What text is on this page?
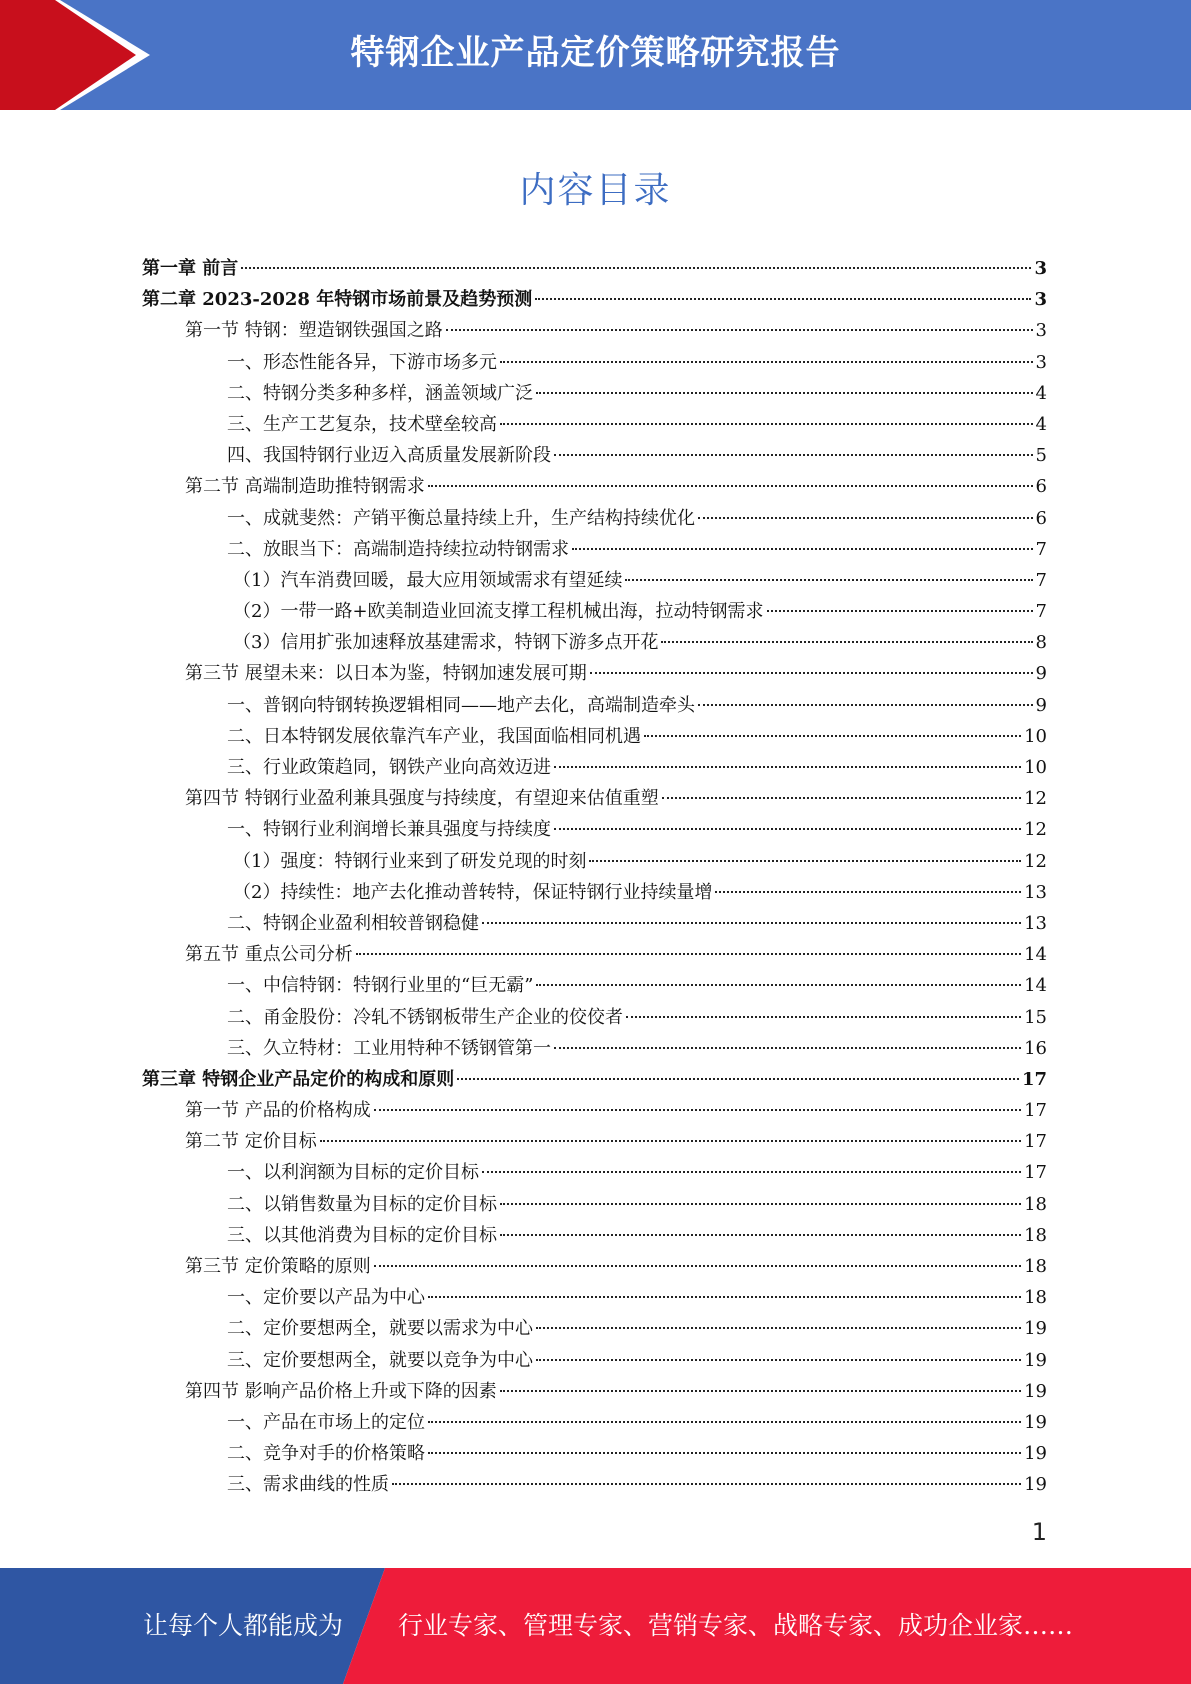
特钢企业产品定价策略研究报告
内容目录
第一章 前言	3
第二章 2023-2028 年特钢市场前景及趋势预测	3
第一节 特钢：塑造钢铁强国之路	3
一、形态性能各异，下游市场多元	3
二、特钢分类多种多样，涵盖领域广泛	4
三、生产工艺复杂，技术壁垒较高	4
四、我国特钢行业迈入高质量发展新阶段	5
第二节 高端制造助推特钢需求	6
一、成就斐然：产销平衡总量持续上升，生产结构持续优化	6
二、放眼当下：高端制造持续拉动特钢需求	7
（1）汽车消费回暖，最大应用领域需求有望延续	7
（2）一带一路+欧美制造业回流支撑工程机械出海，拉动特钢需求	7
（3）信用扩张加速释放基建需求，特钢下游多点开花	8
第三节 展望未来：以日本为鉴，特钢加速发展可期	9
一、普钢向特钢转换逻辑相同——地产去化，高端制造牵头	9
二、日本特钢发展依靠汽车产业，我国面临相同机遇	10
三、行业政策趋同，钢铁产业向高效迈进	10
第四节 特钢行业盈利兼具强度与持续度，有望迎来估值重塑	12
一、特钢行业利润增长兼具强度与持续度	12
（1）强度：特钢行业来到了研发兑现的时刻	12
（2）持续性：地产去化推动普转特，保证特钢行业持续量增	13
二、特钢企业盈利相较普钢稳健	13
第五节 重点公司分析	14
一、中信特钢：特钢行业里的“巨无霸”	14
二、甬金股份：冷轧不锈钢板带生产企业的佼佼者	15
三、久立特材：工业用特种不锈钢管第一	16
第三章 特钢企业产品定价的构成和原则	17
第一节 产品的价格构成	17
第二节 定价目标	17
一、以利润额为目标的定价目标	17
二、以销售数量为目标的定价目标	18
三、以其他消费为目标的定价目标	18
第三节 定价策略的原则	18
一、定价要以产品为中心	18
二、定价要想两全，就要以需求为中心	19
三、定价要想两全，就要以竞争为中心	19
第四节 影响产品价格上升或下降的因素	19
一、产品在市场上的定位	19
二、竞争对手的价格策略	19
三、需求曲线的性质	19
1
让每个人都能成为 行业专家、管理专家、营销专家、战略专家、成功企业家……
